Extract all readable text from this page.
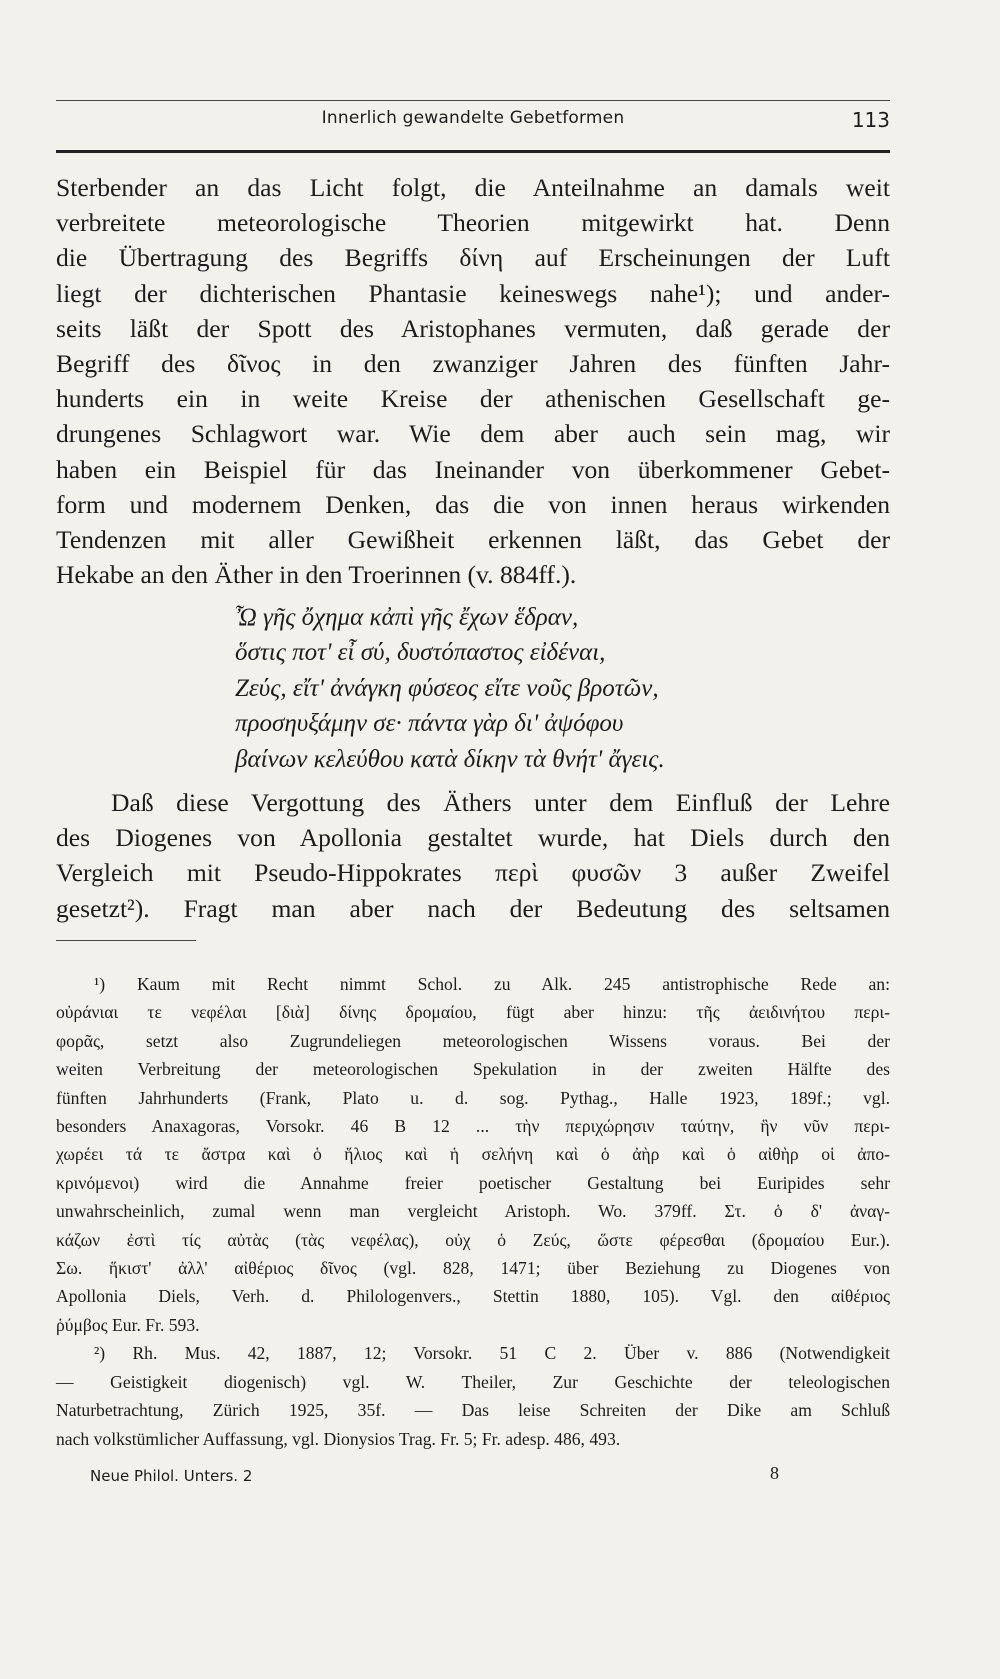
Innerlich gewandelte Gebetformen	113
Sterbender an das Licht folgt, die Anteilnahme an damals weit
verbreitete meteorologische Theorien mitgewirkt hat. Denn
die Übertragung des Begriffs δίνη auf Erscheinungen der Luft
liegt der dichterischen Phantasie keineswegs nahe¹); und ander-
seits läßt der Spott des Aristophanes vermuten, daß gerade der
Begriff des δῖνος in den zwanziger Jahren des fünften Jahr-
hunderts ein in weite Kreise der athenischen Gesellschaft ge-
drungenes Schlagwort war. Wie dem aber auch sein mag, wir
haben ein Beispiel für das Ineinander von überkommener Gebet-
form und modernem Denken, das die von innen heraus wirkenden
Tendenzen mit aller Gewißheit erkennen läßt, das Gebet der
Hekabe an den Äther in den Troerinnen (v. 884ff.).
Ὦ γῆς ὄχημα κἀπὶ γῆς ἔχων ἕδραν,
ὅστις ποτ' εἶ σύ, δυστόπαστος εἰδέναι,
Ζεύς, εἴτ' ἀνάγκη φύσεος εἴτε νοῦς βροτῶν,
προσηυξάμην σε· πάντα γὰρ δι' ἀψόφου
βαίνων κελεύθου κατὰ δίκην τὰ θνήτ' ἄγεις.
Daß diese Vergottung des Äthers unter dem Einfluß der Lehre
des Diogenes von Apollonia gestaltet wurde, hat Diels durch den
Vergleich mit Pseudo-Hippokrates περὶ φυσῶν 3 außer Zweifel
gesetzt²). Fragt man aber nach der Bedeutung des seltsamen
¹) Kaum mit Recht nimmt Schol. zu Alk. 245 antistrophische Rede an:
οὐράνιαι τε νεφέλαι [διὰ] δίνης δρομαίου, fügt aber hinzu: τῆς ἀειδινήτου περι-
φορᾶς, setzt also Zugrundeliegen meteorologischen Wissens voraus. Bei der
weiten Verbreitung der meteorologischen Spekulation in der zweiten Hälfte des
fünften Jahrhunderts (Frank, Plato u. d. sog. Pythag., Halle 1923, 189f.; vgl.
besonders Anaxagoras, Vorsokr. 46 B 12 ... τὴν περιχώρησιν ταύτην, ἣν νῦν περι-
χωρέει τά τε ἄστρα καὶ ὁ ἥλιος καὶ ἡ σελήνη καὶ ὁ ἀὴρ καὶ ὁ αἰθὴρ οἱ ἀπο-
κρινόμενοι) wird die Annahme freier poetischer Gestaltung bei Euripides sehr
unwahrscheinlich, zumal wenn man vergleicht Aristoph. Wo. 379ff. Στ. ὁ δ' ἀναγ-
κάζων ἐστὶ τίς αὐτὰς (τὰς νεφέλας), οὐχ ὁ Ζεύς, ὥστε φέρεσθαι (δρομαίου Eur.).
Σω. ἥκιστ' ἀλλ' αἰθέριος δῖνος (vgl. 828, 1471; über Beziehung zu Diogenes von
Apollonia Diels, Verh. d. Philologenvers., Stettin 1880, 105). Vgl. den αἰθέριος
ῥύμβος Eur. Fr. 593.
²) Rh. Mus. 42, 1887, 12; Vorsokr. 51 C 2. Über v. 886 (Notwendigkeit
— Geistigkeit diogenisch) vgl. W. Theiler, Zur Geschichte der teleologischen
Naturbetrachtung, Zürich 1925, 35f. — Das leise Schreiten der Dike am Schluß
nach volkstümlicher Auffassung, vgl. Dionysios Trag. Fr. 5; Fr. adesp. 486, 493.
Neue Philol. Unters. 2	8
